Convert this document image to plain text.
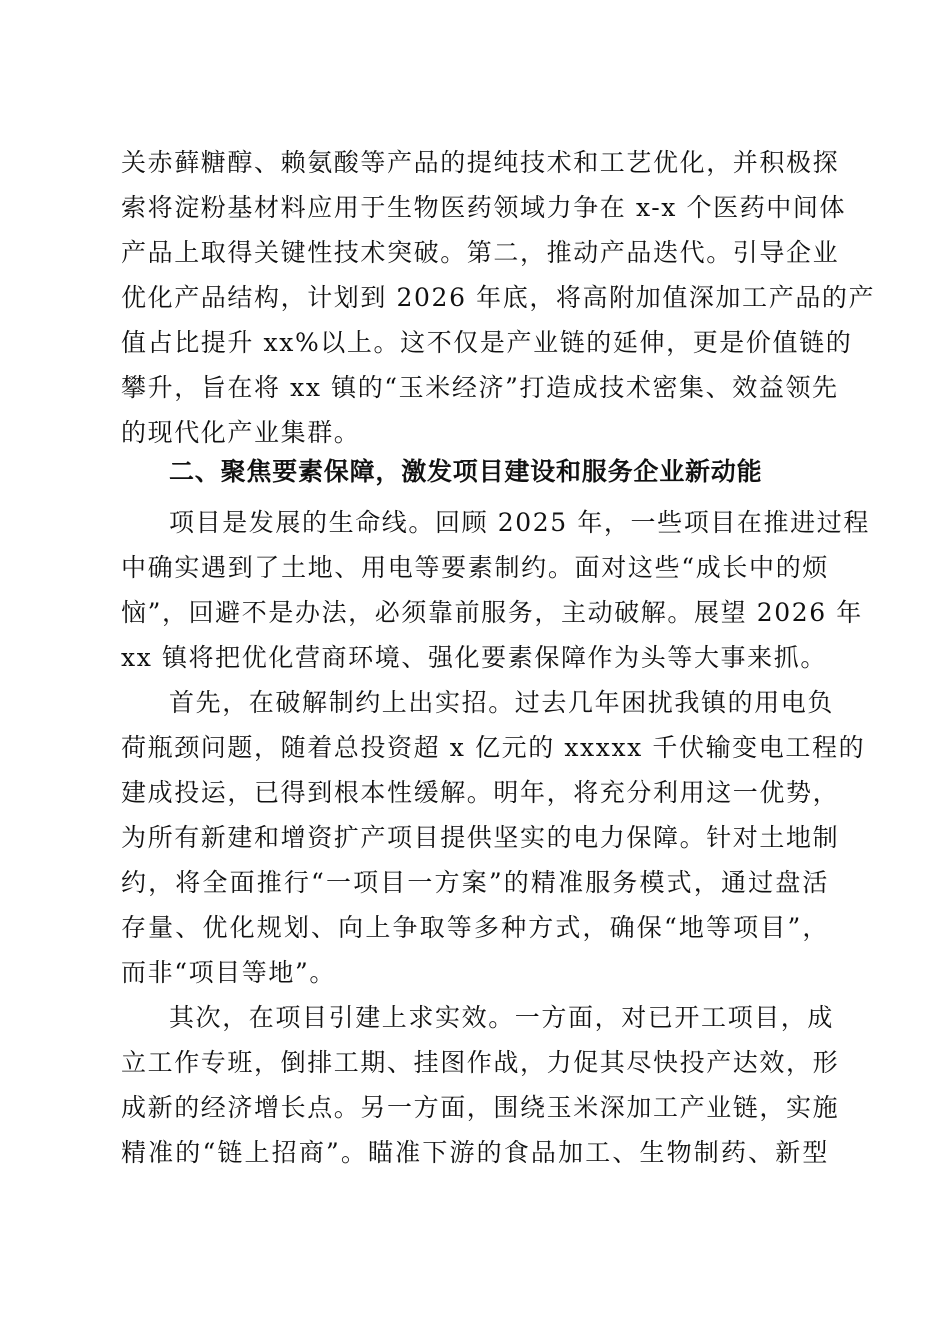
关赤藓糖醇、赖氨酸等产品的提纯技术和工艺优化，并积极探
索将淀粉基材料应用于生物医药领域力争在 x-x 个医药中间体
产品上取得关键性技术突破。第二，推动产品迭代。引导企业
优化产品结构，计划到 2026 年底，将高附加值深加工产品的产
值占比提升 xx%以上。这不仅是产业链的延伸，更是价值链的
攀升，旨在将 xx 镇的“玉米经济”打造成技术密集、效益领先
的现代化产业集群。
二、聚焦要素保障，激发项目建设和服务企业新动能
项目是发展的生命线。回顾 2025 年，一些项目在推进过程
中确实遇到了土地、用电等要素制约。面对这些“成长中的烦
恼”，回避不是办法，必须靠前服务，主动破解。展望 2026 年
xx 镇将把优化营商环境、强化要素保障作为头等大事来抓。
首先，在破解制约上出实招。过去几年困扰我镇的用电负
荷瓶颈问题，随着总投资超 x 亿元的 xxxxx 千伏输变电工程的
建成投运，已得到根本性缓解。明年，将充分利用这一优势，
为所有新建和增资扩产项目提供坚实的电力保障。针对土地制
约，将全面推行“一项目一方案”的精准服务模式，通过盘活
存量、优化规划、向上争取等多种方式，确保“地等项目”，
而非“项目等地”。
其次，在项目引建上求实效。一方面，对已开工项目，成
立工作专班，倒排工期、挂图作战，力促其尽快投产达效，形
成新的经济增长点。另一方面，围绕玉米深加工产业链，实施
精准的“链上招商”。瞄准下游的食品加工、生物制药、新型
